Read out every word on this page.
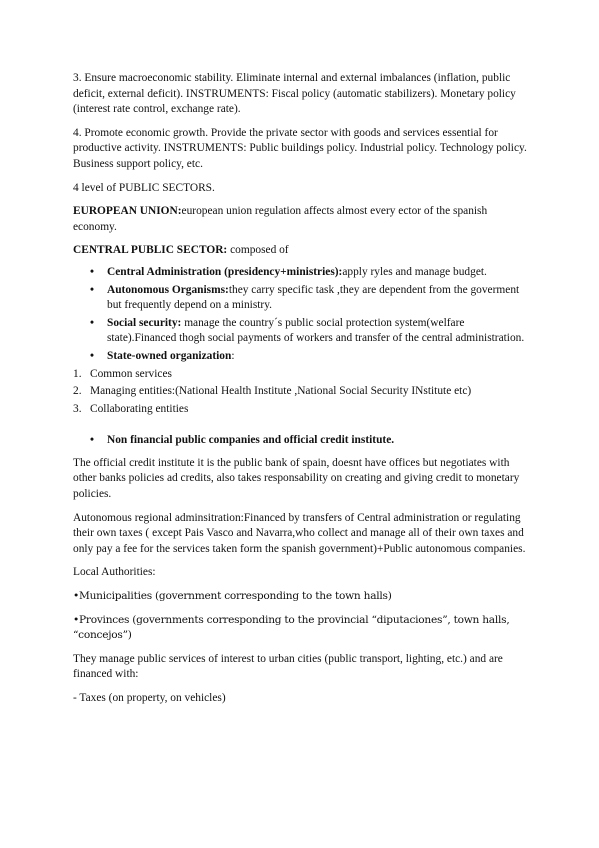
3. Ensure macroeconomic stability. Eliminate internal and external imbalances (inflation, public deficit, external deficit). INSTRUMENTS: Fiscal policy (automatic stabilizers). Monetary policy (interest rate control, exchange rate).

4. Promote economic growth. Provide the private sector with goods and services essential for productive activity. INSTRUMENTS: Public buildings policy. Industrial policy. Technology policy. Business support policy, etc.

4 level of PUBLIC SECTORS.

EUROPEAN UNION:european union regulation affects almost every ector of the spanish economy.

CENTRAL PUBLIC SECTOR: composed of

• Central Administration (presidency+ministries):apply ryles and manage budget.
• Autonomous Organisms:they carry specific task ,they are dependent from the goverment but frequently depend on a ministry.
• Social security: manage the country´s public social protection system(welfare state).Financed thogh social payments of workers and transfer of the central administration.
• State-owned organization:
1. Common services
2. Managing entities:(National Health Institute ,National Social Security INstitute etc)
3. Collaborating entities
• Non financial public companies and official credit institute.

The official credit institute it is the public bank of spain, doesnt have offices but negotiates with other banks policies ad credits, also takes responsability on creating and giving credit to monetary policies.

Autonomous regional adminsitration:Financed by transfers of Central administration or regulating their own taxes ( except Pais Vasco and Navarra,who collect and manage all of their own taxes and only pay a fee for the services taken form the spanish government)+Public autonomous companies.

Local Authorities:

•Municipalities (government corresponding to the town halls)

•Provinces (governments corresponding to the provincial “diputaciones”, town halls, “concejos”)

They manage public services of interest to urban cities (public transport, lighting, etc.) and are financed with:

- Taxes (on property, on vehicles)
